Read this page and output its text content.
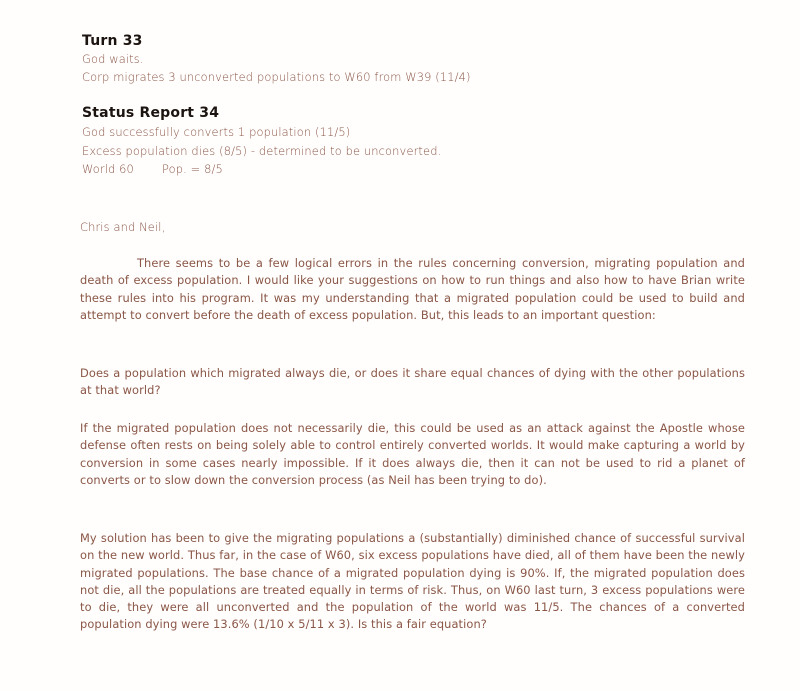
Turn 33
God waits.
Corp migrates 3 unconverted populations to W60 from W39 (11/4)
Status Report 34
God successfully converts 1 population (11/5)
Excess population dies (8/5) - determined to be unconverted.
World 60 Pop. = 8/5
Chris and Neil,
There seems to be a few logical errors in the rules concerning conversion, migrating population and death of excess population. I would like your suggestions on how to run things and also how to have Brian write these rules into his program. It was my understanding that a migrated population could be used to build and attempt to convert before the death of excess population. But, this leads to an important question:
Does a population which migrated always die, or does it share equal chances of dying with the other populations at that world?
If the migrated population does not necessarily die, this could be used as an attack against the Apostle whose defense often rests on being solely able to control entirely converted worlds. It would make capturing a world by conversion in some cases nearly impossible. If it does always die, then it can not be used to rid a planet of converts or to slow down the conversion process (as Neil has been trying to do).
My solution has been to give the migrating populations a (substantially) diminished chance of successful survival on the new world. Thus far, in the case of W60, six excess populations have died, all of them have been the newly migrated populations. The base chance of a migrated population dying is 90%. If, the migrated population does not die, all the populations are treated equally in terms of risk. Thus, on W60 last turn, 3 excess populations were to die, they were all unconverted and the population of the world was 11/5. The chances of a converted population dying were 13.6% (1/10 x 5/11 x 3). Is this a fair equation?
